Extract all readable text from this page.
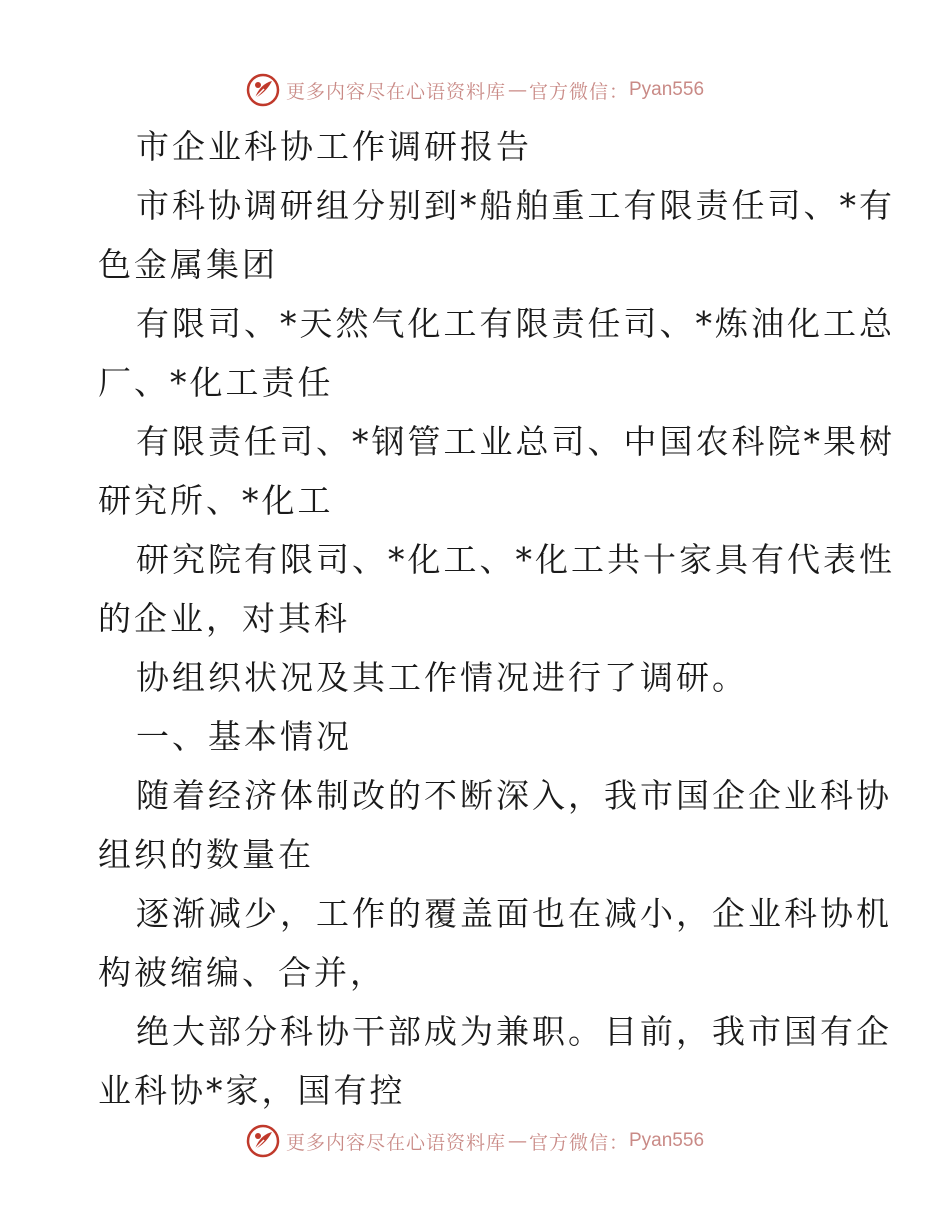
更多内容尽在心语资料库 — 官方微信： Pyan556
市企业科协工作调研报告
市科协调研组分别到*船舶重工有限责任司、*有
色金属集团
有限司、*天然气化工有限责任司、*炼油化工总
厂、*化工责任
有限责任司、*钢管工业总司、中国农科院*果树
研究所、*化工
研究院有限司、*化工、*化工共十家具有代表性
的企业，对其科
协组织状况及其工作情况进行了调研。
一、基本情况
随着经济体制改的不断深入，我市国企企业科协
组织的数量在
逐渐减少，工作的覆盖面也在减小，企业科协机
构被缩编、合并，
绝大部分科协干部成为兼职。目前，我市国有企
业科协*家，国有控
更多内容尽在心语资料库 — 官方微信： Pyan556
